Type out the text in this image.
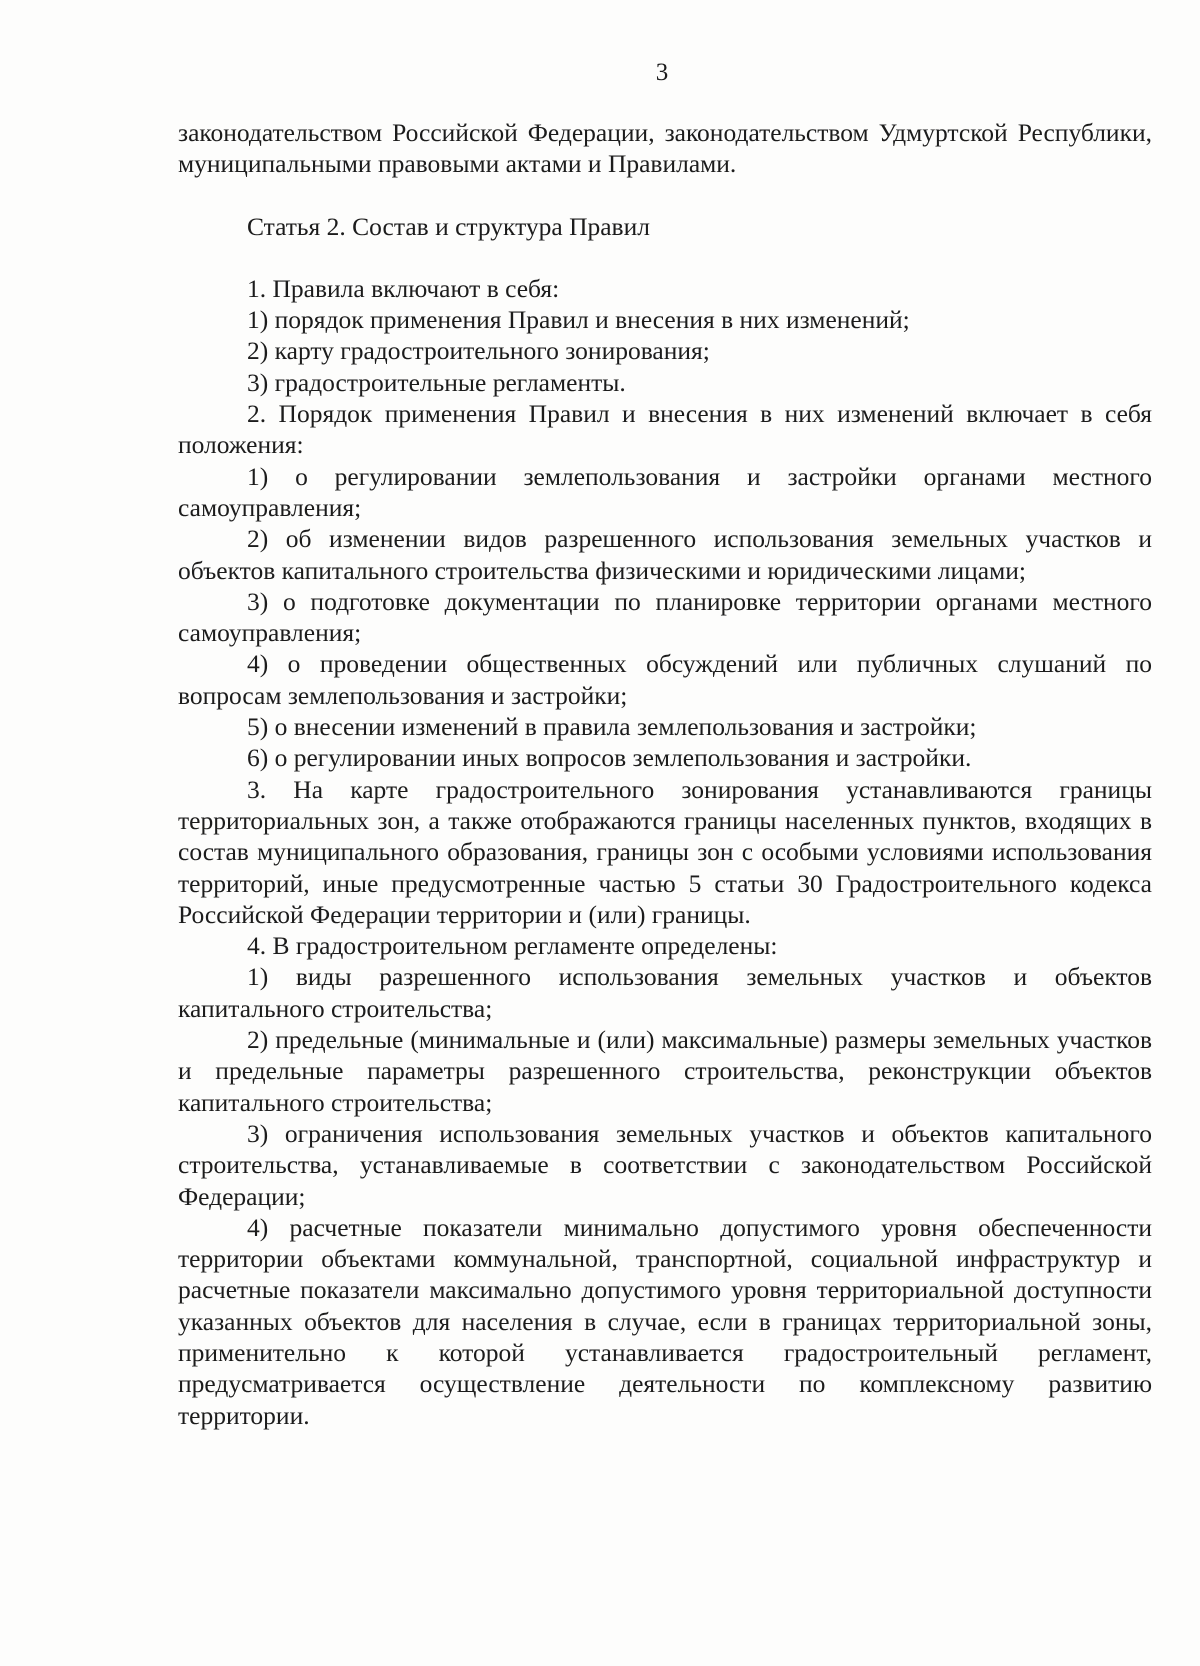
3

законодательством Российской Федерации, законодательством Удмуртской Республики, муниципальными правовыми актами и Правилами.

Статья 2. Состав и структура Правил

1. Правила включают в себя:

1) порядок применения Правил и внесения в них изменений;

2) карту градостроительного зонирования;

3) градостроительные регламенты.

2. Порядок применения Правил и внесения в них изменений включает в себя положения:

1) о регулировании землепользования и застройки органами местного самоуправления;

2) об изменении видов разрешенного использования земельных участков и объектов капитального строительства физическими и юридическими лицами;

3) о подготовке документации по планировке территории органами местного самоуправления;

4) о проведении общественных обсуждений или публичных слушаний по вопросам землепользования и застройки;

5) о внесении изменений в правила землепользования и застройки;

6) о регулировании иных вопросов землепользования и застройки.

3. На карте градостроительного зонирования устанавливаются границы территориальных зон, а также отображаются границы населенных пунктов, входящих в состав муниципального образования, границы зон с особыми условиями использования территорий, иные предусмотренные частью 5 статьи 30 Градостроительного кодекса Российской Федерации территории и (или) границы.

4. В градостроительном регламенте определены:

1) виды разрешенного использования земельных участков и объектов капитального строительства;

2) предельные (минимальные и (или) максимальные) размеры земельных участков и предельные параметры разрешенного строительства, реконструкции объектов капитального строительства;

3) ограничения использования земельных участков и объектов капитального строительства, устанавливаемые в соответствии с законодательством Российской Федерации;

4) расчетные показатели минимально допустимого уровня обеспеченности территории объектами коммунальной, транспортной, социальной инфраструктур и расчетные показатели максимально допустимого уровня территориальной доступности указанных объектов для населения в случае, если в границах территориальной зоны, применительно к которой устанавливается градостроительный регламент, предусматривается осуществление деятельности по комплексному развитию территории.
